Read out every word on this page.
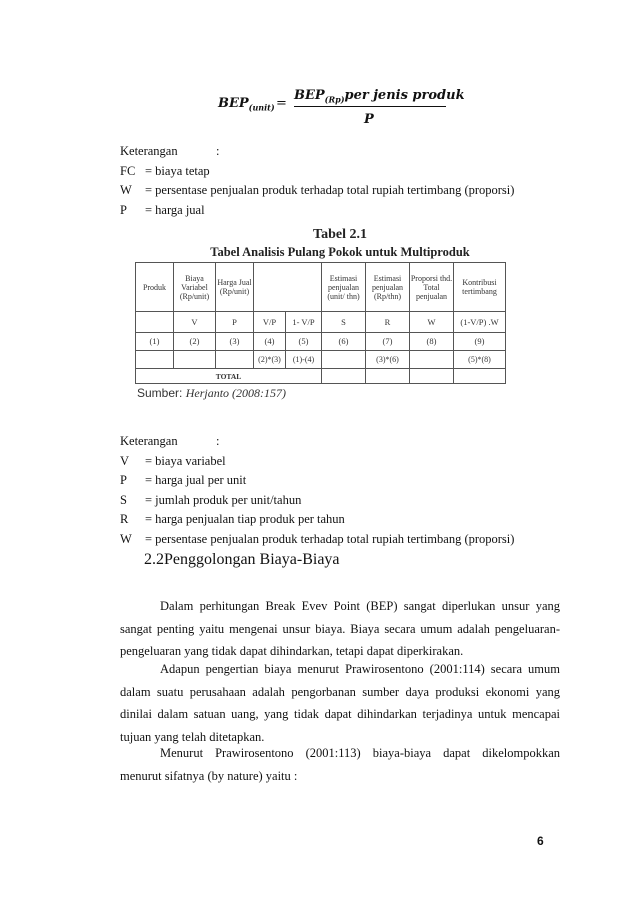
$BEP_{(unit)}$ =
$BEP_{(Rp)}per$ jenis produk
P
Keterangan	:
FC = biaya tetap
W = persentase penjualan produk terhadap total rupiah tertimbang (proporsi)
P = harga jual
Tabel 2.1
Tabel Analisis Pulang Pokok untuk Multiproduk
Produk	Biaya Variabel (Rp/unit)	Harga Jual (Rp/unit)			Estimasi penjualan (unit/ thn)	Estimasi penjualan (Rp/thn)	Proporsi thd. Total penjualan	Kontribusi tertimbang
	V	P	V/P	1- V/P	S	R	W	(1-V/P) .W
(1)	(2)	(3)	(4)	(5)	(6)	(7)	(8)	(9)
			(2)*(3)	(1)-(4)		(3)*(6)		(5)*(8)
TOTAL								
Sumber: Herjanto (2008:157)
Keterangan	:
V = biaya variabel
P = harga jual per unit
S = jumlah produk per unit/tahun
R = harga penjualan tiap produk per tahun
W = persentase penjualan produk terhadap total rupiah tertimbang (proporsi)
2.2Penggolongan Biaya-Biaya

Dalam perhitungan Break Evev Point (BEP) sangat diperlukan unsur yang sangat penting yaitu mengenai unsur biaya. Biaya secara umum adalah pengeluaran-pengeluaran yang tidak dapat dihindarkan, tetapi dapat diperkirakan.

Adapun pengertian biaya menurut Prawirosentono (2001:114) secara umum dalam suatu perusahaan adalah pengorbanan sumber daya produksi ekonomi yang dinilai dalam satuan uang, yang tidak dapat dihindarkan terjadinya untuk mencapai tujuan yang telah ditetapkan.

Menurut Prawirosentono (2001:113) biaya-biaya dapat dikelompokkan menurut sifatnya (by nature) yaitu :

6
